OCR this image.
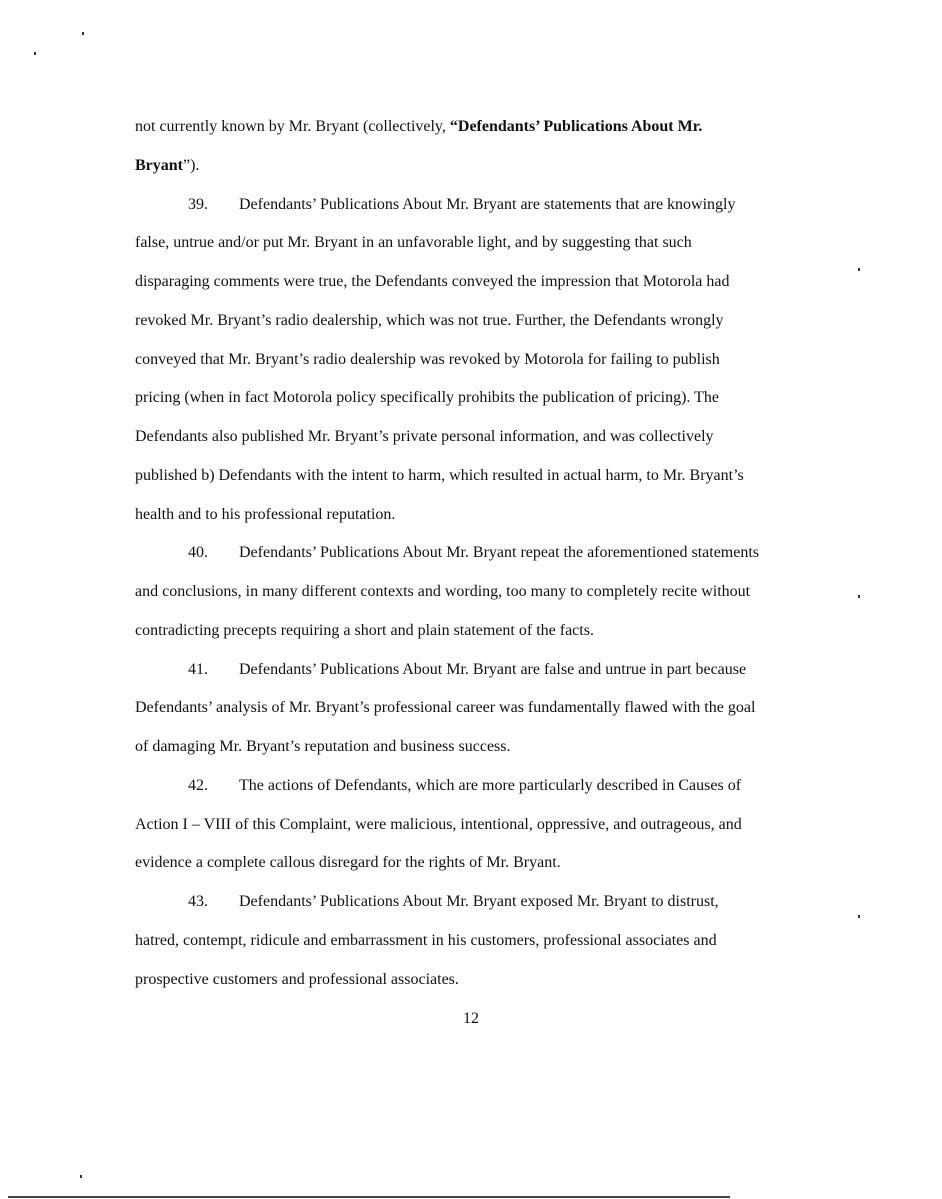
not currently known by Mr. Bryant (collectively, “Defendants’ Publications About Mr.
Bryant”).
39. Defendants’ Publications About Mr. Bryant are statements that are knowingly
false, untrue and/or put Mr. Bryant in an unfavorable light, and by suggesting that such
disparaging comments were true, the Defendants conveyed the impression that Motorola had
revoked Mr. Bryant’s radio dealership, which was not true. Further, the Defendants wrongly
conveyed that Mr. Bryant’s radio dealership was revoked by Motorola for failing to publish
pricing (when in fact Motorola policy specifically prohibits the publication of pricing). The
Defendants also published Mr. Bryant’s private personal information, and was collectively
published b) Defendants with the intent to harm, which resulted in actual harm, to Mr. Bryant’s
health and to his professional reputation.
40. Defendants’ Publications About Mr. Bryant repeat the aforementioned statements
and conclusions, in many different contexts and wording, too many to completely recite without
contradicting precepts requiring a short and plain statement of the facts.
41. Defendants’ Publications About Mr. Bryant are false and untrue in part because
Defendants’ analysis of Mr. Bryant’s professional career was fundamentally flawed with the goal
of damaging Mr. Bryant’s reputation and business success.
42. The actions of Defendants, which are more particularly described in Causes of
Action I – VIII of this Complaint, were malicious, intentional, oppressive, and outrageous, and
evidence a complete callous disregard for the rights of Mr. Bryant.
43. Defendants’ Publications About Mr. Bryant exposed Mr. Bryant to distrust,
hatred, contempt, ridicule and embarrassment in his customers, professional associates and
prospective customers and professional associates.
12
